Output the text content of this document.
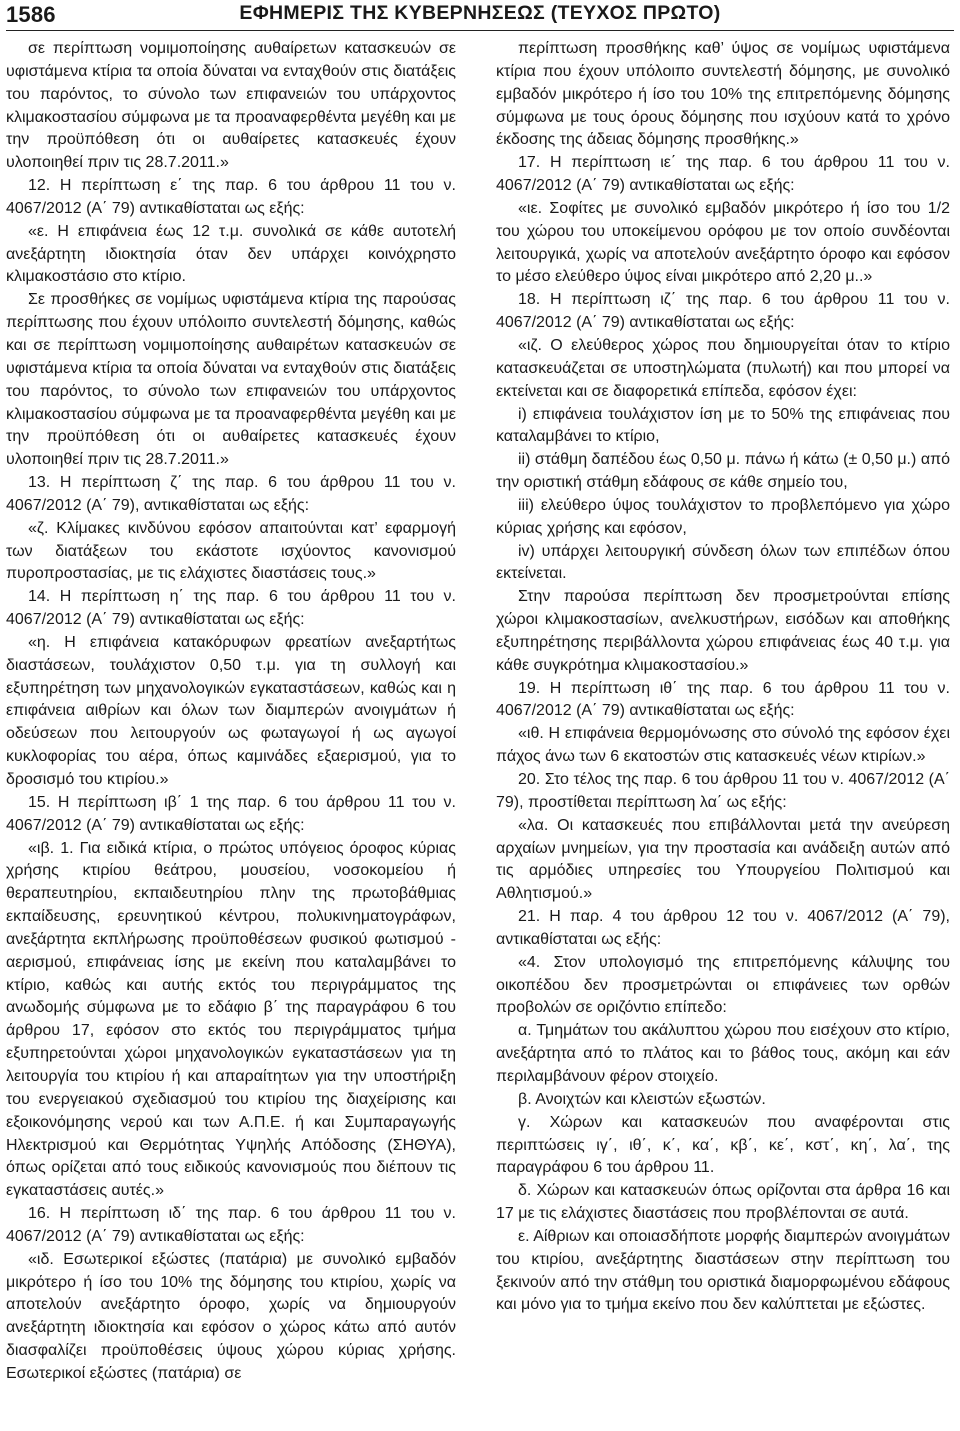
1586	ΕΦΗΜΕΡΙΣ ΤΗΣ ΚΥΒΕΡΝΗΣΕΩΣ (ΤΕΥΧΟΣ ΠΡΩΤΟ)

σε περίπτωση νομιμοποίησης αυθαίρετων κατασκευών σε υφιστάμενα κτίρια τα οποία δύναται να ενταχθούν στις διατάξεις του παρόντος, το σύνολο των επιφανειών του υπάρχοντος κλιμακοστασίου σύμφωνα με τα προαναφερθέντα μεγέθη και με την προϋπόθεση ότι οι αυθαίρετες κατασκευές έχουν υλοποιηθεί πριν τις 28.7.2011.»

12. Η περίπτωση ε΄ της παρ. 6 του άρθρου 11 του ν. 4067/2012 (Α΄ 79) αντικαθίσταται ως εξής:

«ε. Η επιφάνεια έως 12 τ.μ. συνολικά σε κάθε αυτοτελή ανεξάρτητη ιδιοκτησία όταν δεν υπάρχει κοινόχρηστο κλιμακοστάσιο στο κτίριο.

Σε προσθήκες σε νομίμως υφιστάμενα κτίρια της παρούσας περίπτωσης που έχουν υπόλοιπο συντελεστή δόμησης, καθώς και σε περίπτωση νομιμοποίησης αυθαιρέτων κατασκευών σε υφιστάμενα κτίρια τα οποία δύναται να ενταχθούν στις διατάξεις του παρόντος, το σύνολο των επιφανειών του υπάρχοντος κλιμακοστασίου σύμφωνα με τα προαναφερθέντα μεγέθη και με την προϋπόθεση ότι οι αυθαίρετες κατασκευές έχουν υλοποιηθεί πριν τις 28.7.2011.»

13. Η περίπτωση ζ΄ της παρ. 6 του άρθρου 11 του ν. 4067/2012 (Α΄ 79), αντικαθίσταται ως εξής:

«ζ. Κλίμακες κινδύνου εφόσον απαιτούνται κατ’ εφαρμογή των διατάξεων του εκάστοτε ισχύοντος κανονισμού πυροπροστασίας, με τις ελάχιστες διαστάσεις τους.»

14. Η περίπτωση η΄ της παρ. 6 του άρθρου 11 του ν. 4067/2012 (Α΄ 79) αντικαθίσταται ως εξής:

«η. Η επιφάνεια κατακόρυφων φρεατίων ανεξαρτήτως διαστάσεων, τουλάχιστον 0,50 τ.μ. για τη συλλογή και εξυπηρέτηση των μηχανολογικών εγκαταστάσεων, καθώς και η επιφάνεια αιθρίων και όλων των διαμπερών ανοιγμάτων ή οδεύσεων που λειτουργούν ως φωταγωγοί ή ως αγωγοί κυκλοφορίας του αέρα, όπως καμινάδες εξαερισμού, για το δροσισμό του κτιρίου.»

15. Η περίπτωση ιβ΄ 1 της παρ. 6 του άρθρου 11 του ν. 4067/2012 (Α΄ 79) αντικαθίσταται ως εξής:

«ιβ. 1. Για ειδικά κτίρια, ο πρώτος υπόγειος όροφος κύριας χρήσης κτιρίου θεάτρου, μουσείου, νοσοκομείου ή θεραπευτηρίου, εκπαιδευτηρίου πλην της πρωτοβάθμιας εκπαίδευσης, ερευνητικού κέντρου, πολυκινηματογράφων, ανεξάρτητα εκπλήρωσης προϋποθέσεων φυσικού φωτισμού - αερισμού, επιφάνειας ίσης με εκείνη που καταλαμβάνει το κτίριο, καθώς και αυτής εκτός του περιγράμματος της ανωδομής σύμφωνα με το εδάφιο β΄ της παραγράφου 6 του άρθρου 17, εφόσον στο εκτός του περιγράμματος τμήμα εξυπηρετούνται χώροι μηχανολογικών εγκαταστάσεων για τη λειτουργία του κτιρίου ή και απαραίτητων για την υποστήριξη του ενεργειακού σχεδιασμού του κτιρίου της διαχείρισης και εξοικονόμησης νερού και των Α.Π.Ε. ή και Συμπαραγωγής Ηλεκτρισμού και Θερμότητας Υψηλής Απόδοσης (ΣΗΘΥΑ), όπως ορίζεται από τους ειδικούς κανονισμούς που διέπουν τις εγκαταστάσεις αυτές.»

16. Η περίπτωση ιδ΄ της παρ. 6 του άρθρου 11 του ν. 4067/2012 (Α΄ 79) αντικαθίσταται ως εξής:

«ιδ. Εσωτερικοί εξώστες (πατάρια) με συνολικό εμβαδόν μικρότερο ή ίσο του 10% της δόμησης του κτιρίου, χωρίς να αποτελούν ανεξάρτητο όροφο, χωρίς να δημιουργούν ανεξάρτητη ιδιοκτησία και εφόσον ο χώρος κάτω από αυτόν διασφαλίζει προϋποθέσεις ύψους χώρου κύριας χρήσης. Εσωτερικοί εξώστες (πατάρια) σε

περίπτωση προσθήκης καθ’ ύψος σε νομίμως υφιστάμενα κτίρια που έχουν υπόλοιπο συντελεστή δόμησης, με συνολικό εμβαδόν μικρότερο ή ίσο του 10% της επιτρεπόμενης δόμησης σύμφωνα με τους όρους δόμησης που ισχύουν κατά το χρόνο έκδοσης της άδειας δόμησης προσθήκης.»

17. Η περίπτωση ιε΄ της παρ. 6 του άρθρου 11 του ν. 4067/2012 (Α΄ 79) αντικαθίσταται ως εξής:

«ιε. Σοφίτες με συνολικό εμβαδόν μικρότερο ή ίσο του 1/2 του χώρου του υποκείμενου ορόφου με τον οποίο συνδέονται λειτουργικά, χωρίς να αποτελούν ανεξάρτητο όροφο και εφόσον το μέσο ελεύθερο ύψος είναι μικρότερο από 2,20 μ..»

18. Η περίπτωση ιζ΄ της παρ. 6 του άρθρου 11 του ν. 4067/2012 (Α΄ 79) αντικαθίσταται ως εξής:

«ιζ. Ο ελεύθερος χώρος που δημιουργείται όταν το κτίριο κατασκευάζεται σε υποστηλώματα (πυλωτή) και που μπορεί να εκτείνεται και σε διαφορετικά επίπεδα, εφόσον έχει:

i) επιφάνεια τουλάχιστον ίση με το 50% της επιφάνειας που καταλαμβάνει το κτίριο,

ii) στάθμη δαπέδου έως 0,50 μ. πάνω ή κάτω (± 0,50 μ.) από την οριστική στάθμη εδάφους σε κάθε σημείο του,

iii) ελεύθερο ύψος τουλάχιστον το προβλεπόμενο για χώρο κύριας χρήσης και εφόσον,

iv) υπάρχει λειτουργική σύνδεση όλων των επιπέδων όπου εκτείνεται.

Στην παρούσα περίπτωση δεν προσμετρούνται επίσης χώροι κλιμακοστασίων, ανελκυστήρων, εισόδων και αποθήκης εξυπηρέτησης περιβάλλοντα χώρου επιφάνειας έως 40 τ.μ. για κάθε συγκρότημα κλιμακοστασίου.»

19. Η περίπτωση ιθ΄ της παρ. 6 του άρθρου 11 του ν. 4067/2012 (Α΄ 79) αντικαθίσταται ως εξής:

«ιθ. Η επιφάνεια θερμομόνωσης στο σύνολό της εφόσον έχει πάχος άνω των 6 εκατοστών στις κατασκευές νέων κτιρίων.»

20. Στο τέλος της παρ. 6 του άρθρου 11 του ν. 4067/2012 (Α΄ 79), προστίθεται περίπτωση λα΄ ως εξής:

«λα. Οι κατασκευές που επιβάλλονται μετά την ανεύρεση αρχαίων μνημείων, για την προστασία και ανάδειξη αυτών από τις αρμόδιες υπηρεσίες του Υπουργείου Πολιτισμού και Αθλητισμού.»

21. Η παρ. 4 του άρθρου 12 του ν. 4067/2012 (Α΄ 79), αντικαθίσταται ως εξής:

«4. Στον υπολογισμό της επιτρεπόμενης κάλυψης του οικοπέδου δεν προσμετρώνται οι επιφάνειες των ορθών προβολών σε οριζόντιο επίπεδο:

α. Τμημάτων του ακάλυπτου χώρου που εισέχουν στο κτίριο, ανεξάρτητα από το πλάτος και το βάθος τους, ακόμη και εάν περιλαμβάνουν φέρον στοιχείο.

β. Ανοιχτών και κλειστών εξωστών.

γ. Χώρων και κατασκευών που αναφέρονται στις περιπτώσεις ιγ΄, ιθ΄, κ΄, κα΄, κβ΄, κε΄, κστ΄, κη΄, λα΄, της παραγράφου 6 του άρθρου 11.

δ. Χώρων και κατασκευών όπως ορίζονται στα άρθρα 16 και 17 με τις ελάχιστες διαστάσεις που προβλέπονται σε αυτά.

ε. Αίθριων και οποιασδήποτε μορφής διαμπερών ανοιγμάτων του κτιρίου, ανεξάρτητης διαστάσεων στην περίπτωση του ξεκινούν από την στάθμη του οριστικά διαμορφωμένου εδάφους και μόνο για το τμήμα εκείνο που δεν καλύπτεται με εξώστες.
